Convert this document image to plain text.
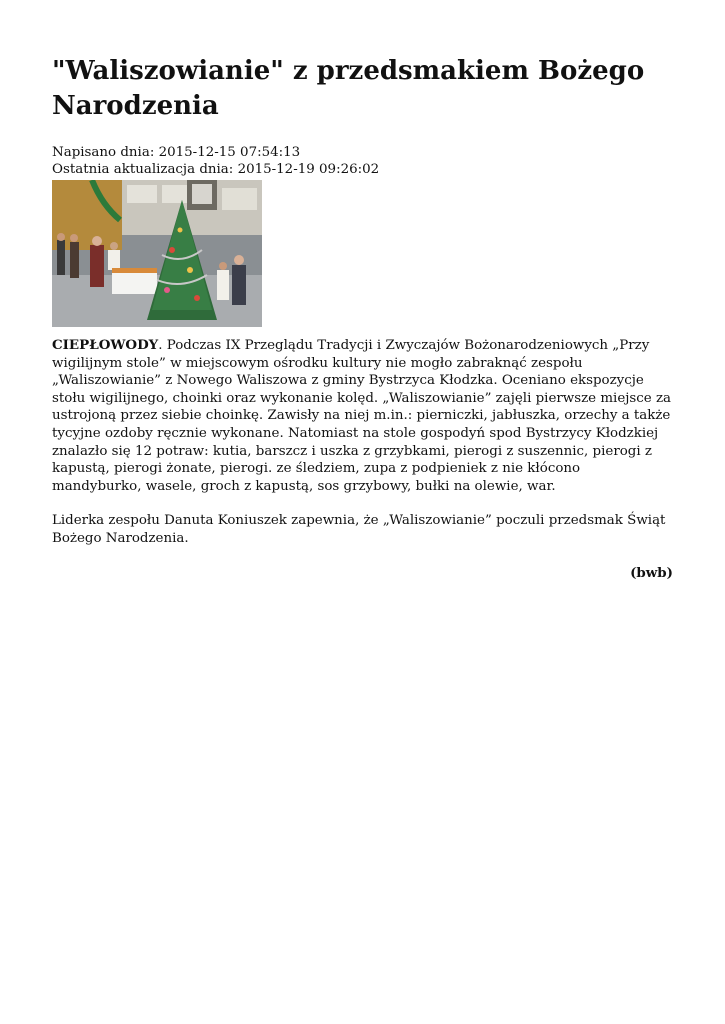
"Waliszowianie" z przedsmakiem Bożego Narodzenia
Napisano dnia: 2015-12-15 07:54:13
Ostatnia aktualizacja dnia: 2015-12-19 09:26:02

CIEPŁOWODY. Podczas IX Przeglądu Tradycji i Zwyczajów Bożonarodzeniowych „Przy wigilijnym stole” w miejscowym ośrodku kultury nie mogło zabraknąć zespołu „Waliszowianie” z Nowego Waliszowa z gminy Bystrzyca Kłodzka. Oceniano ekspozycje stołu wigilijnego, choinki oraz wykonanie kolęd. „Waliszowianie” zajęli pierwsze miejsce za ustrojoną przez siebie choinkę. Zawisły na niej m.in.: pierniczki, jabłuszka, orzechy a także tycyjne ozdoby ręcznie wykonane. Natomiast na stole gospodyń spod Bystrzycy Kłodzkiej znalazło się 12 potraw: kutia, barszcz i uszka z grzybkami, pierogi z suszennic, pierogi z kapustą, pierogi żonate, pierogi. ze śledziem, zupa z podpieniek z nie kłócono mandyburko, wasele, groch z kapustą, sos grzybowy, bułki na olewie, war.

Liderka zespołu Danuta Koniuszek zapewnia, że „Waliszowianie” poczuli przedsmak Świąt Bożego Narodzenia.

(bwb)
